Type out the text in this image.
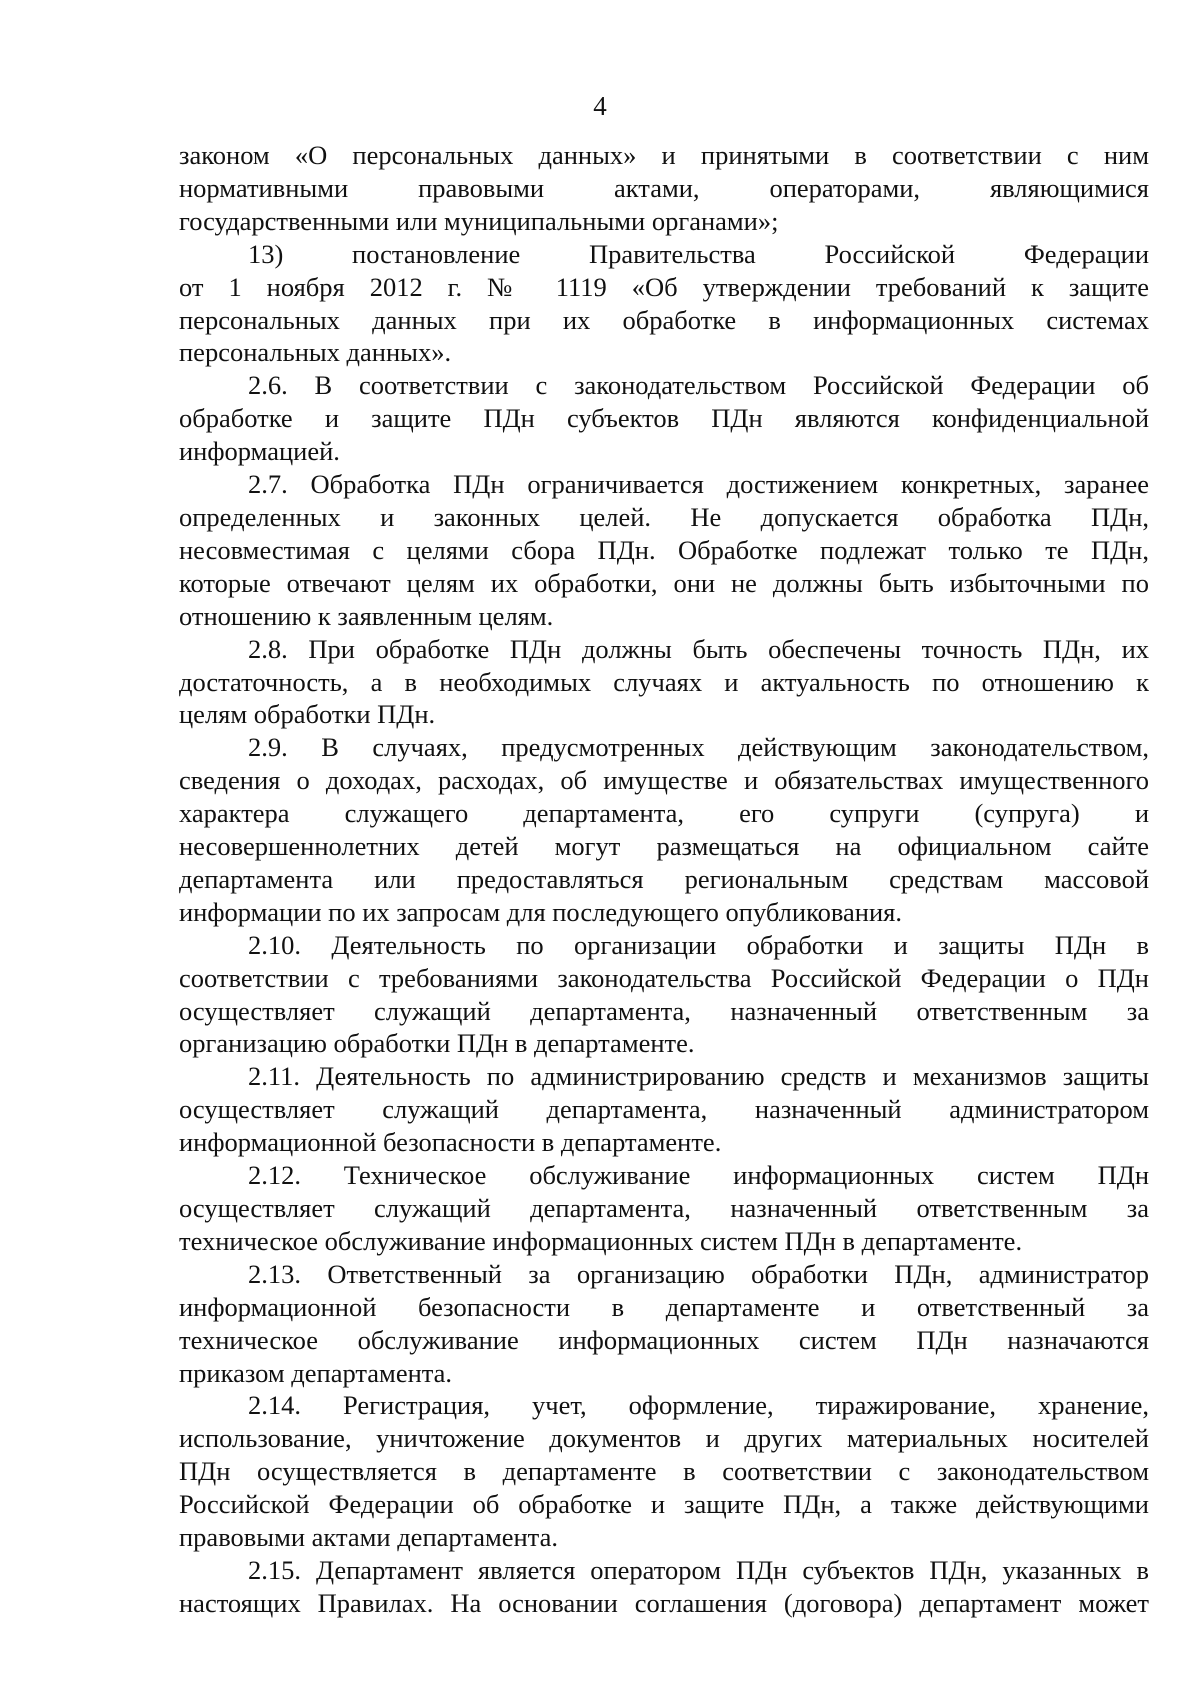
4
законом «О персональных данных» и принятыми в соответствии с ним
нормативными правовыми актами, операторами, являющимися
государственными или муниципальными органами»;
13) постановление Правительства Российской Федерации
от 1 ноября 2012 г. № 1119 «Об утверждении требований к защите
персональных данных при их обработке в информационных системах
персональных данных».
2.6. В соответствии с законодательством Российской Федерации об
обработке и защите ПДн субъектов ПДн являются конфиденциальной
информацией.
2.7. Обработка ПДн ограничивается достижением конкретных, заранее
определенных и законных целей. Не допускается обработка ПДн,
несовместимая с целями сбора ПДн. Обработке подлежат только те ПДн,
которые отвечают целям их обработки, они не должны быть избыточными по
отношению к заявленным целям.
2.8. При обработке ПДн должны быть обеспечены точность ПДн, их
достаточность, а в необходимых случаях и актуальность по отношению к
целям обработки ПДн.
2.9. В случаях, предусмотренных действующим законодательством,
сведения о доходах, расходах, об имуществе и обязательствах имущественного
характера служащего департамента, его супруги (супруга) и
несовершеннолетних детей могут размещаться на официальном сайте
департамента или предоставляться региональным средствам массовой
информации по их запросам для последующего опубликования.
2.10. Деятельность по организации обработки и защиты ПДн в
соответствии с требованиями законодательства Российской Федерации о ПДн
осуществляет служащий департамента, назначенный ответственным за
организацию обработки ПДн в департаменте.
2.11. Деятельность по администрированию средств и механизмов защиты
осуществляет служащий департамента, назначенный администратором
информационной безопасности в департаменте.
2.12. Техническое обслуживание информационных систем ПДн
осуществляет служащий департамента, назначенный ответственным за
техническое обслуживание информационных систем ПДн в департаменте.
2.13. Ответственный за организацию обработки ПДн, администратор
информационной безопасности в департаменте и ответственный за
техническое обслуживание информационных систем ПДн назначаются
приказом департамента.
2.14. Регистрация, учет, оформление, тиражирование, хранение,
использование, уничтожение документов и других материальных носителей
ПДн осуществляется в департаменте в соответствии с законодательством
Российской Федерации об обработке и защите ПДн, а также действующими
правовыми актами департамента.
2.15. Департамент является оператором ПДн субъектов ПДн, указанных в
настоящих Правилах. На основании соглашения (договора) департамент может
